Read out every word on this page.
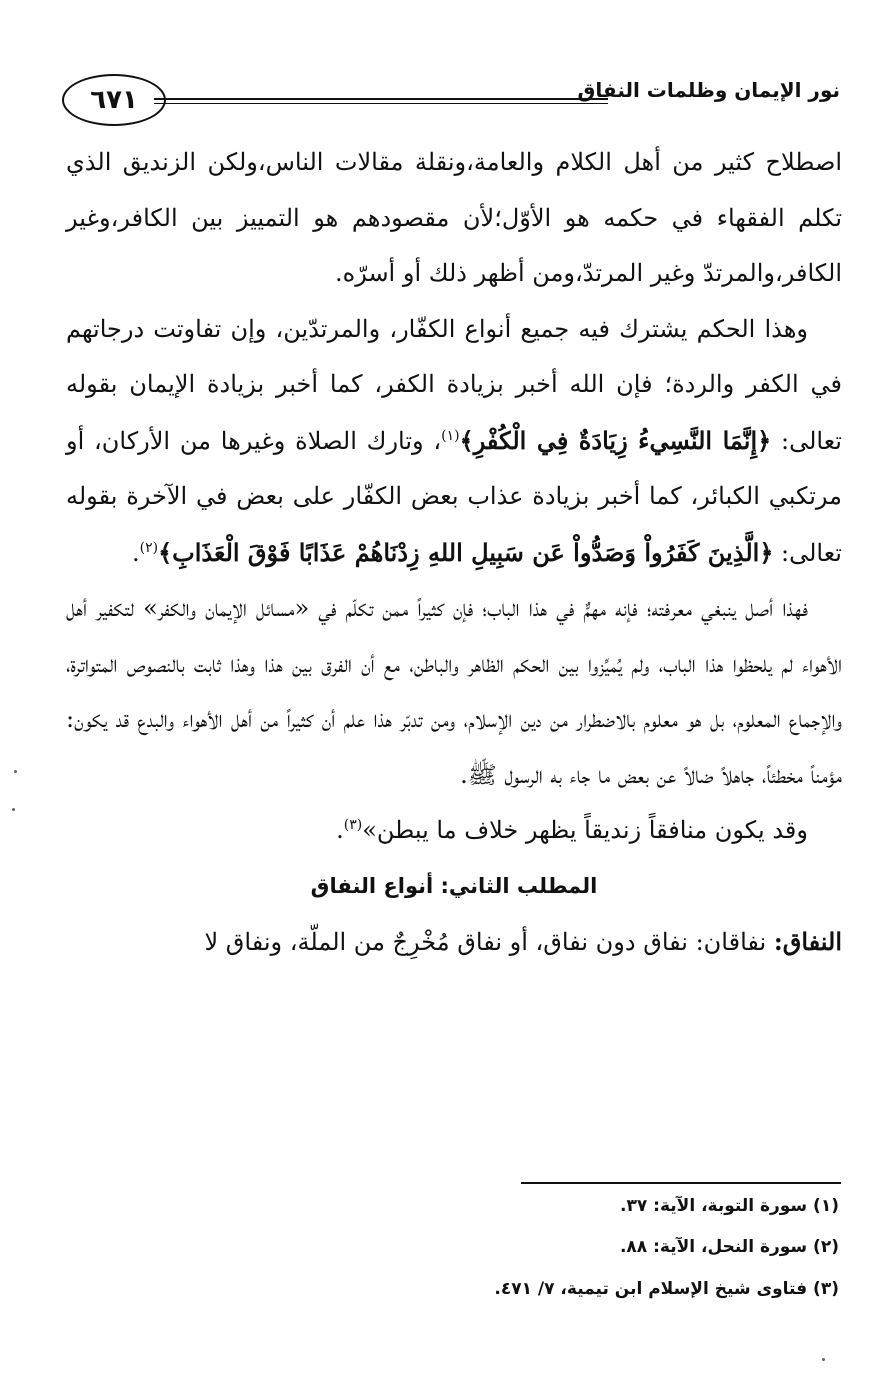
نور الإيمان وظلمات النفاق
٦٧١

اصطلاح كثير من أهل الكلام والعامة،ونقلة مقالات الناس،ولكن الزنديق الذي تكلم الفقهاء في حكمه هو الأوّل؛لأن مقصودهم هو التمييز بين الكافر،وغير الكافر،والمرتدّ وغير المرتدّ،ومن أظهر ذلك أو أسرّه.

وهذا الحكم يشترك فيه جميع أنواع الكفّار، والمرتدّين، وإن تفاوتت درجاتهم في الكفر والردة؛ فإن الله أخبر بزيادة الكفر، كما أخبر بزيادة الإيمان بقوله تعالى: ﴿إِنَّمَا النَّسِيءُ زِيَادَةٌ فِي الْكُفْرِ﴾$^{(١)}$، وتارك الصلاة وغيرها من الأركان، أو مرتكبي الكبائر، كما أخبر بزيادة عذاب بعض الكفّار على بعض في الآخرة بقوله تعالى: ﴿الَّذِينَ كَفَرُواْ وَصَدُّواْ عَن سَبِيلِ اللهِ زِدْنَاهُمْ عَذَابًا فَوْقَ الْعَذَابِ﴾$^{(٢)}$.

فهذا أصل ينبغي معرفته؛ فإنه مهمٌّ في هذا الباب؛ فإن كثيراً ممن تكلّم في «مسائل الإيمان والكفر» لتكفير أهل الأهواء لم يلحظوا هذا الباب، ولم يُميِّزوا بين الحكم الظاهر والباطن، مع أن الفرق بين هذا وهذا ثابت بالنصوص المتواترة، والإجماع المعلوم، بل هو معلوم بالاضطرار من دين الإسلام، ومن تدبّر هذا علم أن كثيراً من أهل الأهواء والبدع قد يكون: مؤمناً مخطئاً، جاهلاً ضالاً عن بعض ما جاء به الرسول ﷺ.

وقد يكون منافقاً زنديقاً يظهر خلاف ما يبطن»$^{(٣)}$.

المطلب الثاني: أنواع النفاق

النفاق: نفاقان: نفاق دون نفاق، أو نفاق مُخْرِجٌ من الملّة، ونفاق لا

(١) سورة التوبة، الآية: ٣٧.
(٢) سورة النحل، الآية: ٨٨.
(٣) فتاوى شيخ الإسلام ابن تيمية، ٧/ ٤٧١.
